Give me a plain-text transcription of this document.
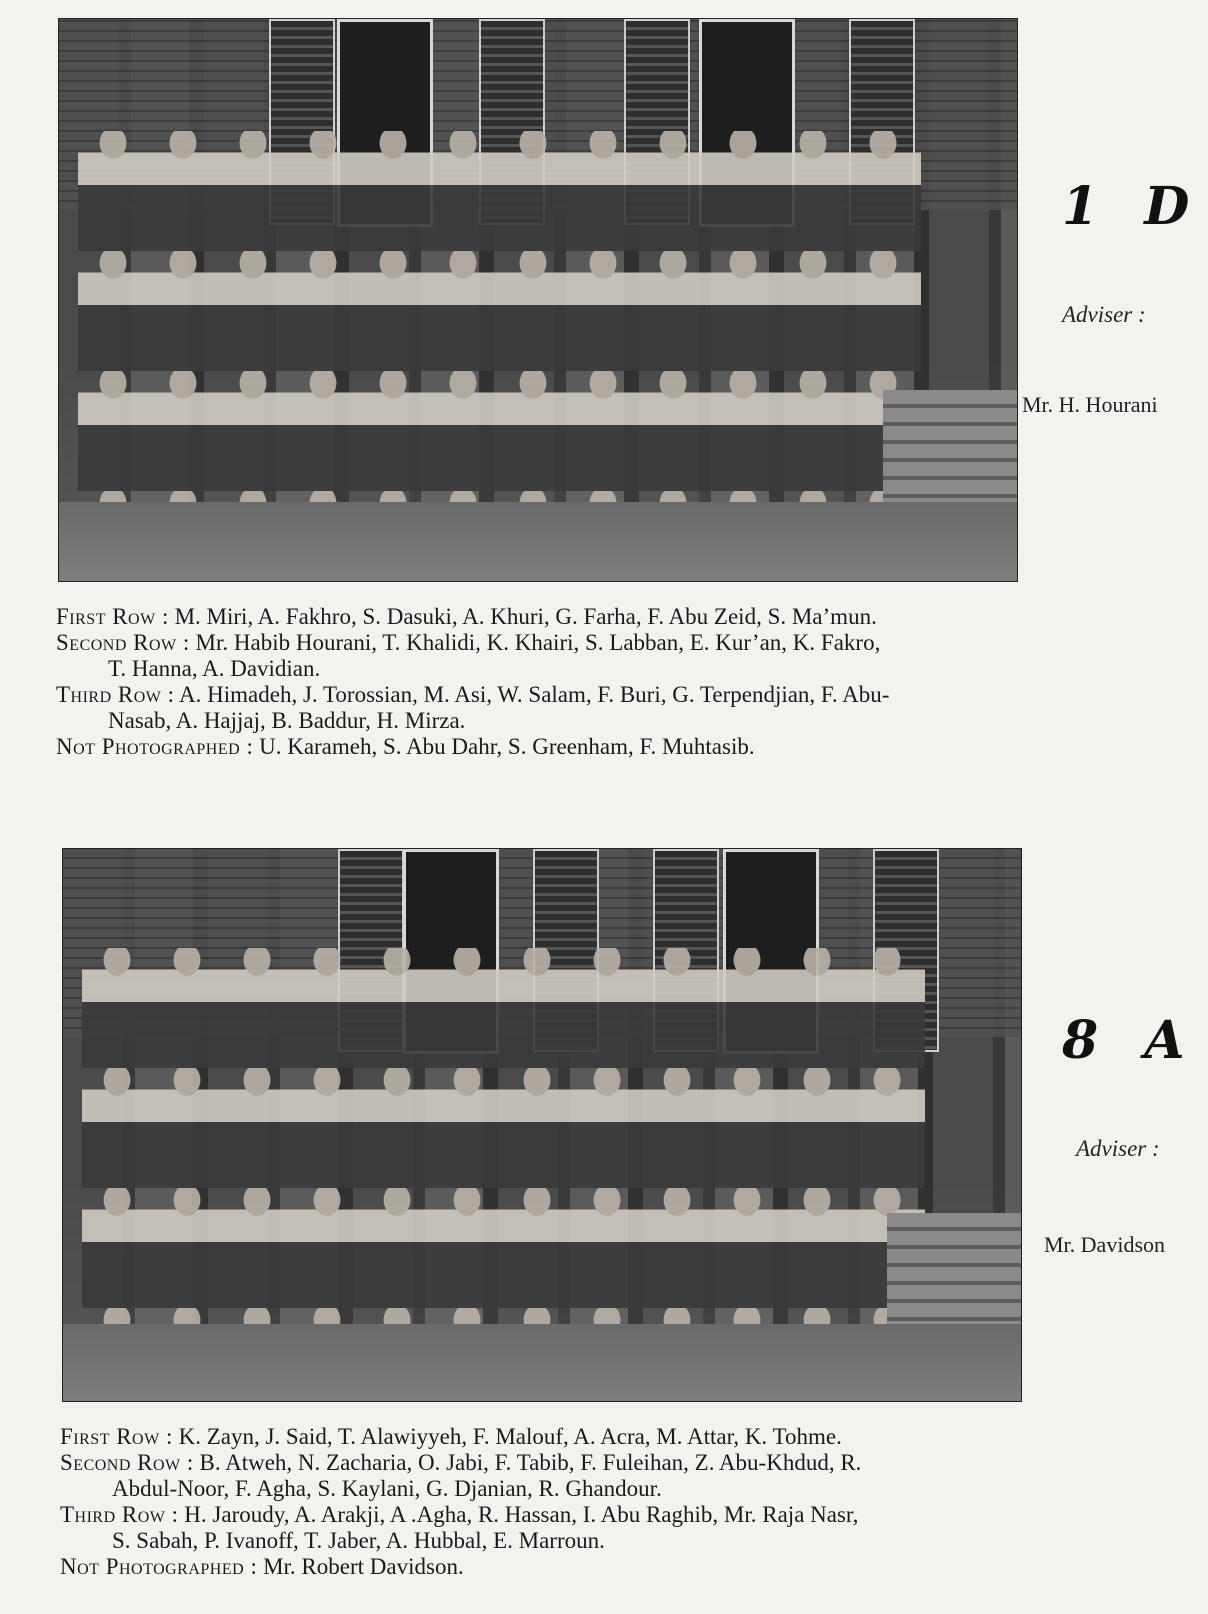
1 D
Adviser :
Mr. H. Hourani

First Row : M. Miri, A. Fakhro, S. Dasuki, A. Khuri, G. Farha, F. Abu Zeid, S. Ma’mun.

Second Row : Mr. Habib Hourani, T. Khalidi, K. Khairi, S. Labban, E. Kur’an, K. Fakro,

T. Hanna, A. Davidian.

Third Row : A. Himadeh, J. Torossian, M. Asi, W. Salam, F. Buri, G. Terpendjian, F. Abu-

Nasab, A. Hajjaj, B. Baddur, H. Mirza.

Not Photographed : U. Karameh, S. Abu Dahr, S. Greenham, F. Muhtasib.

8 A
Adviser :
Mr. Davidson

First Row : K. Zayn, J. Said, T. Alawiyyeh, F. Malouf, A. Acra, M. Attar, K. Tohme.

Second Row : B. Atweh, N. Zacharia, O. Jabi, F. Tabib, F. Fuleihan, Z. Abu-Khdud, R.

Abdul-Noor, F. Agha, S. Kaylani, G. Djanian, R. Ghandour.

Third Row : H. Jaroudy, A. Arakji, A .Agha, R. Hassan, I. Abu Raghib, Mr. Raja Nasr,

S. Sabah, P. Ivanoff, T. Jaber, A. Hubbal, E. Marroun.

Not Photographed : Mr. Robert Davidson.
